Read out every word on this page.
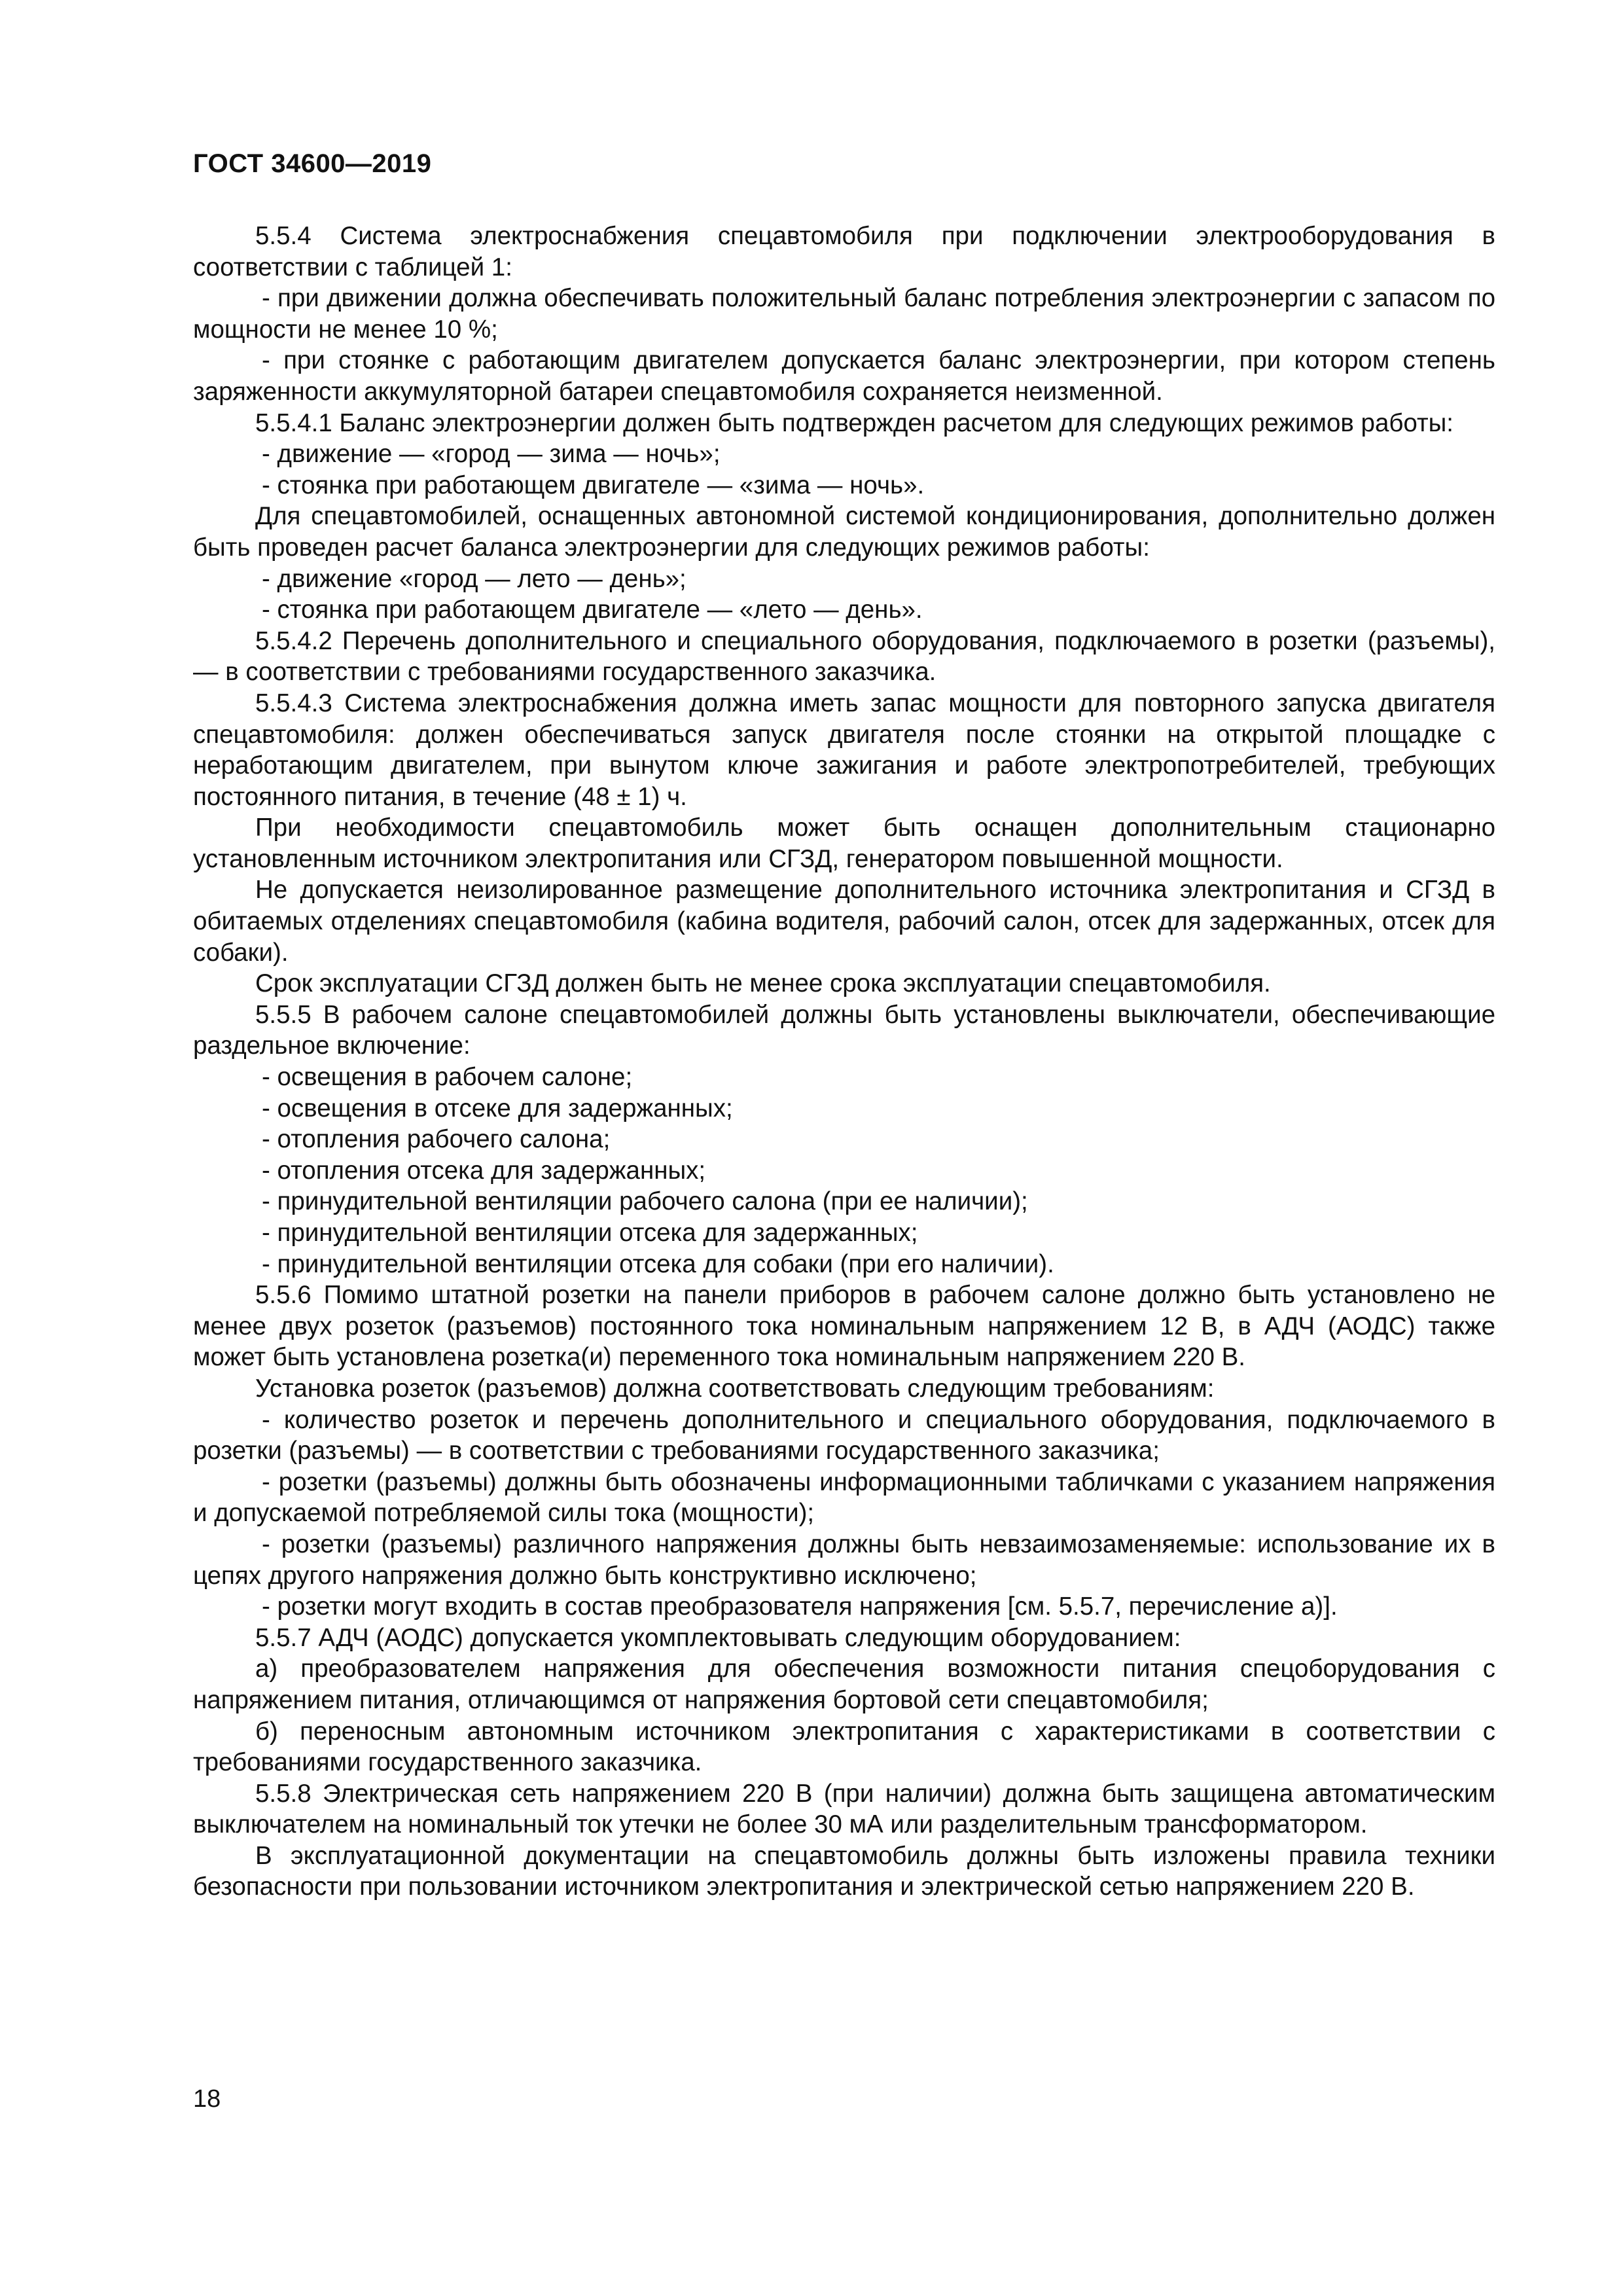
ГОСТ 34600—2019

5.5.4 Система электроснабжения спецавтомобиля при подключении электрооборудования в соответствии с таблицей 1:

- при движении должна обеспечивать положительный баланс потребления электроэнергии с запасом по мощности не менее 10 %;

- при стоянке с работающим двигателем допускается баланс электроэнергии, при котором степень заряженности аккумуляторной батареи спецавтомобиля сохраняется неизменной.

5.5.4.1 Баланс электроэнергии должен быть подтвержден расчетом для следующих режимов работы:

- движение — «город — зима — ночь»;

- стоянка при работающем двигателе — «зима — ночь».

Для спецавтомобилей, оснащенных автономной системой кондиционирования, дополнительно должен быть проведен расчет баланса электроэнергии для следующих режимов работы:

- движение «город — лето — день»;

- стоянка при работающем двигателе — «лето — день».

5.5.4.2 Перечень дополнительного и специального оборудования, подключаемого в розетки (разъемы), — в соответствии с требованиями государственного заказчика.

5.5.4.3 Система электроснабжения должна иметь запас мощности для повторного запуска двигателя спецавтомобиля: должен обеспечиваться запуск двигателя после стоянки на открытой площадке с неработающим двигателем, при вынутом ключе зажигания и работе электропотребителей, требующих постоянного питания, в течение (48 ± 1) ч.

При необходимости спецавтомобиль может быть оснащен дополнительным стационарно установленным источником электропитания или СГЗД, генератором повышенной мощности.

Не допускается неизолированное размещение дополнительного источника электропитания и СГЗД в обитаемых отделениях спецавтомобиля (кабина водителя, рабочий салон, отсек для задержанных, отсек для собаки).

Срок эксплуатации СГЗД должен быть не менее срока эксплуатации спецавтомобиля.

5.5.5 В рабочем салоне спецавтомобилей должны быть установлены выключатели, обеспечивающие раздельное включение:

- освещения в рабочем салоне;

- освещения в отсеке для задержанных;

- отопления рабочего салона;

- отопления отсека для задержанных;

- принудительной вентиляции рабочего салона (при ее наличии);

- принудительной вентиляции отсека для задержанных;

- принудительной вентиляции отсека для собаки (при его наличии).

5.5.6 Помимо штатной розетки на панели приборов в рабочем салоне должно быть установлено не менее двух розеток (разъемов) постоянного тока номинальным напряжением 12 В, в АДЧ (АОДС) также может быть установлена розетка(и) переменного тока номинальным напряжением 220 В.

Установка розеток (разъемов) должна соответствовать следующим требованиям:

- количество розеток и перечень дополнительного и специального оборудования, подключаемого в розетки (разъемы) — в соответствии с требованиями государственного заказчика;

- розетки (разъемы) должны быть обозначены информационными табличками с указанием напряжения и допускаемой потребляемой силы тока (мощности);

- розетки (разъемы) различного напряжения должны быть невзаимозаменяемые: использование их в цепях другого напряжения должно быть конструктивно исключено;

- розетки могут входить в состав преобразователя напряжения [см. 5.5.7, перечисление а)].

5.5.7 АДЧ (АОДС) допускается укомплектовывать следующим оборудованием:

а) преобразователем напряжения для обеспечения возможности питания спецоборудования с напряжением питания, отличающимся от напряжения бортовой сети спецавтомобиля;

б) переносным автономным источником электропитания с характеристиками в соответствии с требованиями государственного заказчика.

5.5.8 Электрическая сеть напряжением 220 В (при наличии) должна быть защищена автоматическим выключателем на номинальный ток утечки не более 30 мА или разделительным трансформатором.

В эксплуатационной документации на спецавтомобиль должны быть изложены правила техники безопасности при пользовании источником электропитания и электрической сетью напряжением 220 В.

18
